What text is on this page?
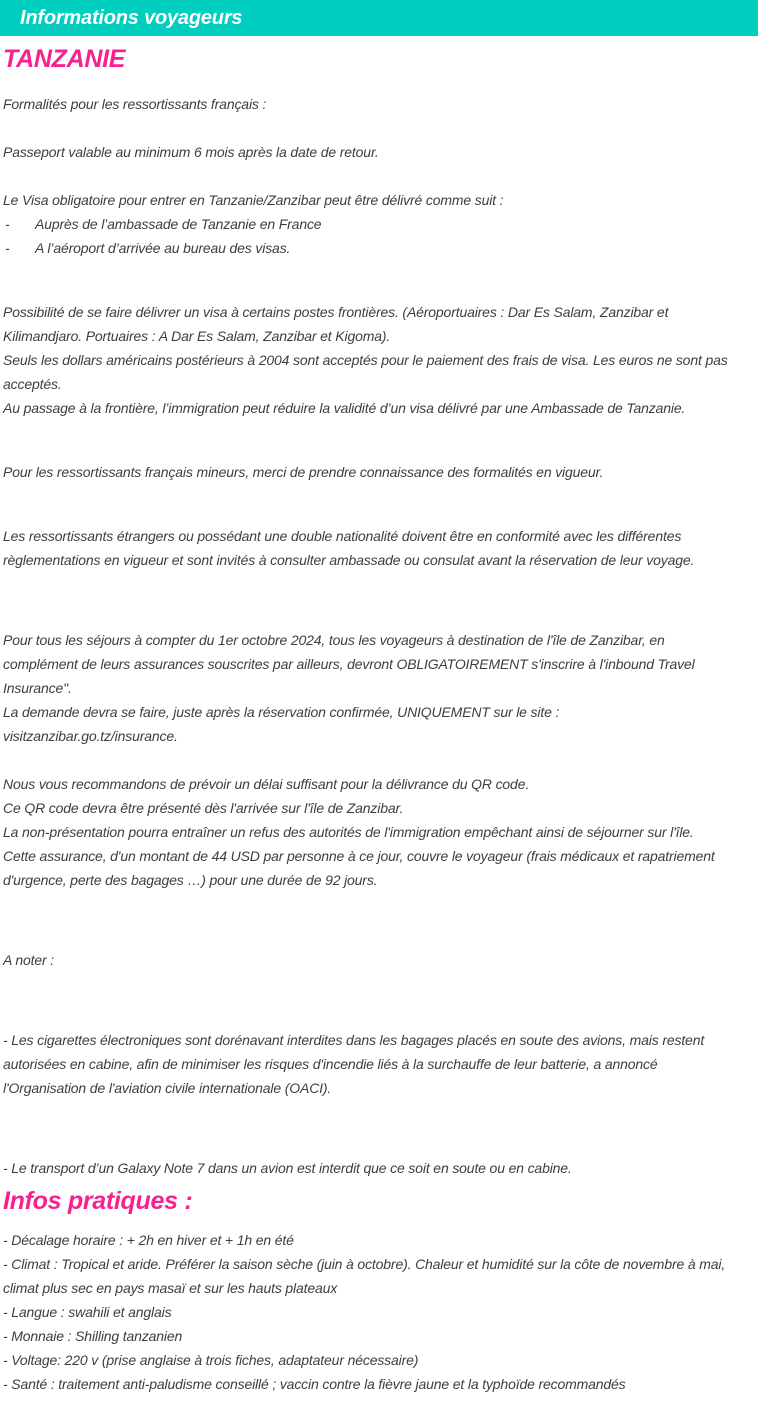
Informations voyageurs
TANZANIE

Formalités pour les ressortissants français :

Passeport valable au minimum 6 mois après la date de retour.

Le Visa obligatoire pour entrer en Tanzanie/Zanzibar peut être délivré comme suit :

-	Auprès de l’ambassade de Tanzanie en France
-	A l’aéroport d’arrivée au bureau des visas.

Possibilité de se faire délivrer un visa à certains postes frontières. (Aéroportuaires : Dar Es Salam, Zanzibar et Kilimandjaro. Portuaires : A Dar Es Salam, Zanzibar et Kigoma).

Seuls les dollars américains postérieurs à 2004 sont acceptés pour le paiement des frais de visa. Les euros ne sont pas acceptés.

Au passage à la frontière, l’immigration peut réduire la validité d’un visa délivré par une Ambassade de Tanzanie.

Pour les ressortissants français mineurs, merci de prendre connaissance des formalités en vigueur.

Les ressortissants étrangers ou possédant une double nationalité doivent être en conformité avec les différentes règlementations en vigueur et sont invités à consulter ambassade ou consulat avant la réservation de leur voyage.

Pour tous les séjours à compter du 1er octobre 2024, tous les voyageurs à destination de l'île de Zanzibar, en complément de leurs assurances souscrites par ailleurs, devront OBLIGATOIREMENT s'inscrire à l'inbound Travel Insurance".

La demande devra se faire, juste après la réservation confirmée, UNIQUEMENT sur le site :

visitzanzibar.go.tz/insurance.

Nous vous recommandons de prévoir un délai suffisant pour la délivrance du QR code.

Ce QR code devra être présenté dès l'arrivée sur l'île de Zanzibar.

La non-présentation pourra entraîner un refus des autorités de l'immigration empêchant ainsi de séjourner sur l'île.

Cette assurance, d'un montant de 44 USD par personne à ce jour, couvre le voyageur (frais médicaux et rapatriement d'urgence, perte des bagages …) pour une durée de 92 jours.

A noter :

- Les cigarettes électroniques sont dorénavant interdites dans les bagages placés en soute des avions, mais restent autorisées en cabine, afin de minimiser les risques d'incendie liés à la surchauffe de leur batterie, a annoncé l'Organisation de l'aviation civile internationale (OACI).

- Le transport d’un Galaxy Note 7 dans un avion est interdit que ce soit en soute ou en cabine.

Infos pratiques :

- Décalage horaire : + 2h en hiver et + 1h en été

- Climat : Tropical et aride. Préférer la saison sèche (juin à octobre). Chaleur et humidité sur la côte de novembre à mai, climat plus sec en pays masaï et sur les hauts plateaux

- Langue : swahili et anglais

- Monnaie : Shilling tanzanien

- Voltage: 220 v (prise anglaise à trois fiches, adaptateur nécessaire)

- Santé : traitement anti-paludisme conseillé ; vaccin contre la fièvre jaune et la typhoïde recommandés
